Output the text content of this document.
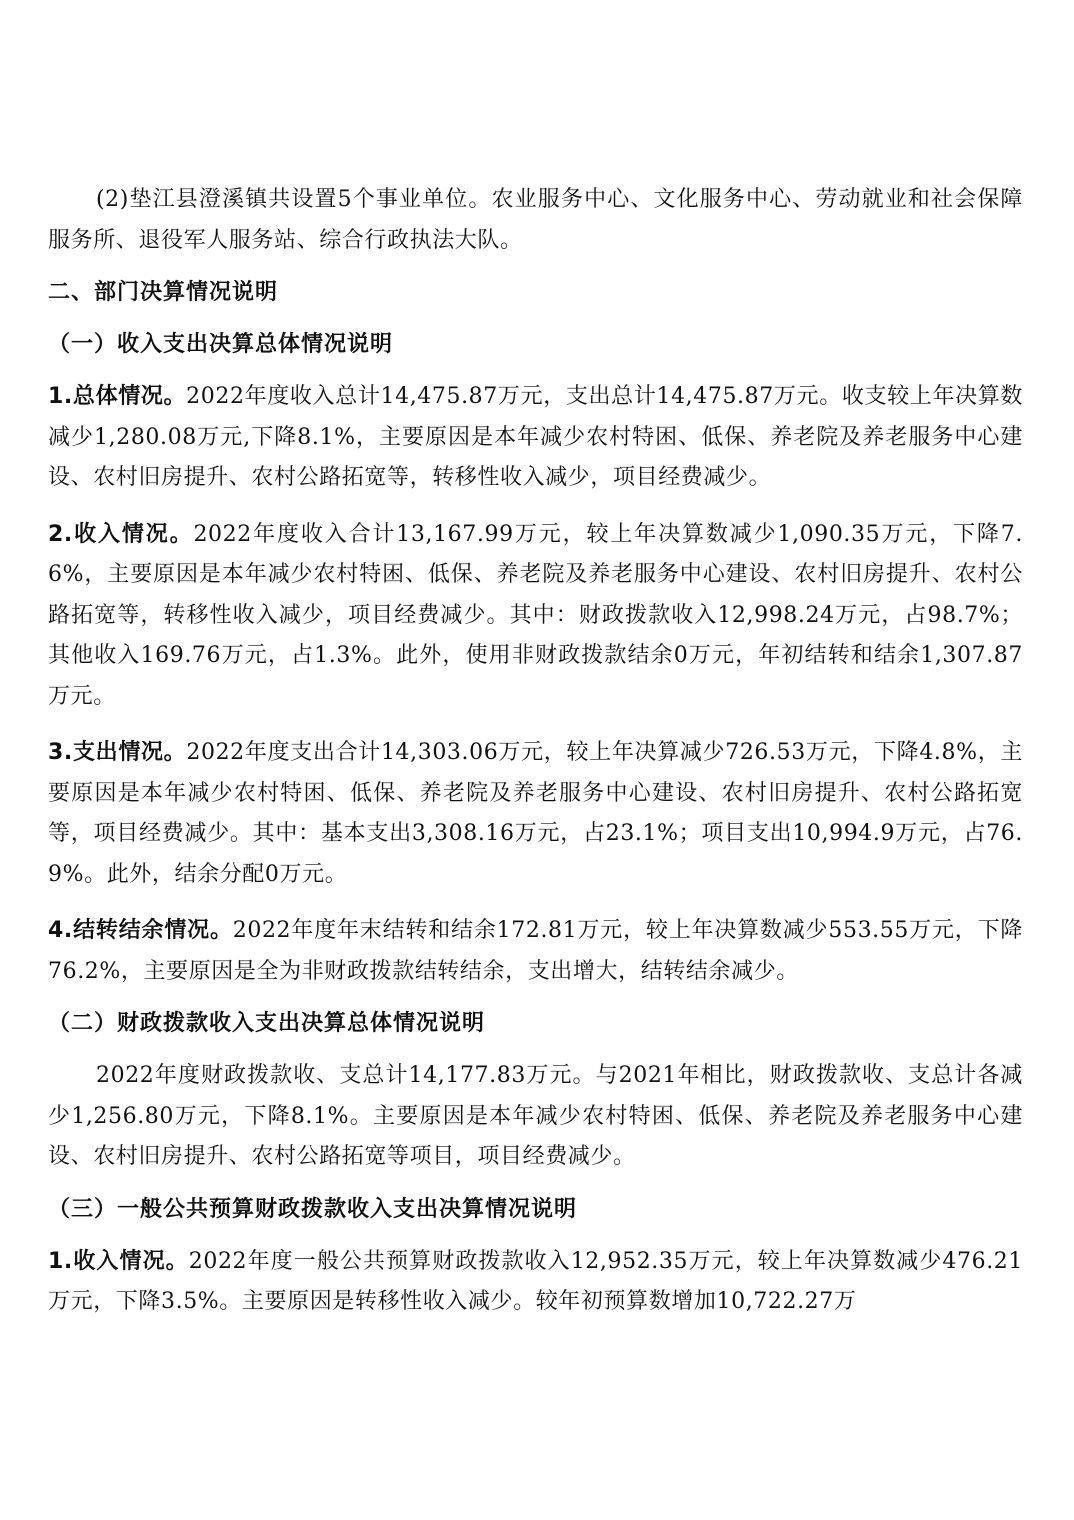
(2)垫江县澄溪镇共设置5个事业单位。农业服务中心、文化服务中心、劳动就业和社会保障服务所、退役军人服务站、综合行政执法大队。

二、部门决算情况说明
（一）收入支出决算总体情况说明

1.总体情况。2022年度收入总计14,475.87万元，支出总计14,475.87万元。收支较上年决算数减少1,280.08万元,下降8.1%，主要原因是本年减少农村特困、低保、养老院及养老服务中心建设、农村旧房提升、农村公路拓宽等，转移性收入减少，项目经费减少。

2.收入情况。2022年度收入合计13,167.99万元，较上年决算数减少1,090.35万元，下降7.6%，主要原因是本年减少农村特困、低保、养老院及养老服务中心建设、农村旧房提升、农村公路拓宽等，转移性收入减少，项目经费减少。其中：财政拨款收入12,998.24万元，占98.7%；其他收入169.76万元，占1.3%。此外，使用非财政拨款结余0万元，年初结转和结余1,307.87万元。

3.支出情况。2022年度支出合计14,303.06万元，较上年决算减少726.53万元，下降4.8%，主要原因是本年减少农村特困、低保、养老院及养老服务中心建设、农村旧房提升、农村公路拓宽等，项目经费减少。其中：基本支出3,308.16万元，占23.1%；项目支出10,994.9万元，占76.9%。此外，结余分配0万元。

4.结转结余情况。2022年度年末结转和结余172.81万元，较上年决算数减少553.55万元，下降76.2%，主要原因是全为非财政拨款结转结余，支出增大，结转结余减少。

（二）财政拨款收入支出决算总体情况说明

2022年度财政拨款收、支总计14,177.83万元。与2021年相比，财政拨款收、支总计各减少1,256.80万元，下降8.1%。主要原因是本年减少农村特困、低保、养老院及养老服务中心建设、农村旧房提升、农村公路拓宽等项目，项目经费减少。

（三）一般公共预算财政拨款收入支出决算情况说明

1.收入情况。2022年度一般公共预算财政拨款收入12,952.35万元，较上年决算数减少476.21万元，下降3.5%。主要原因是转移性收入减少。较年初预算数增加10,722.27万
